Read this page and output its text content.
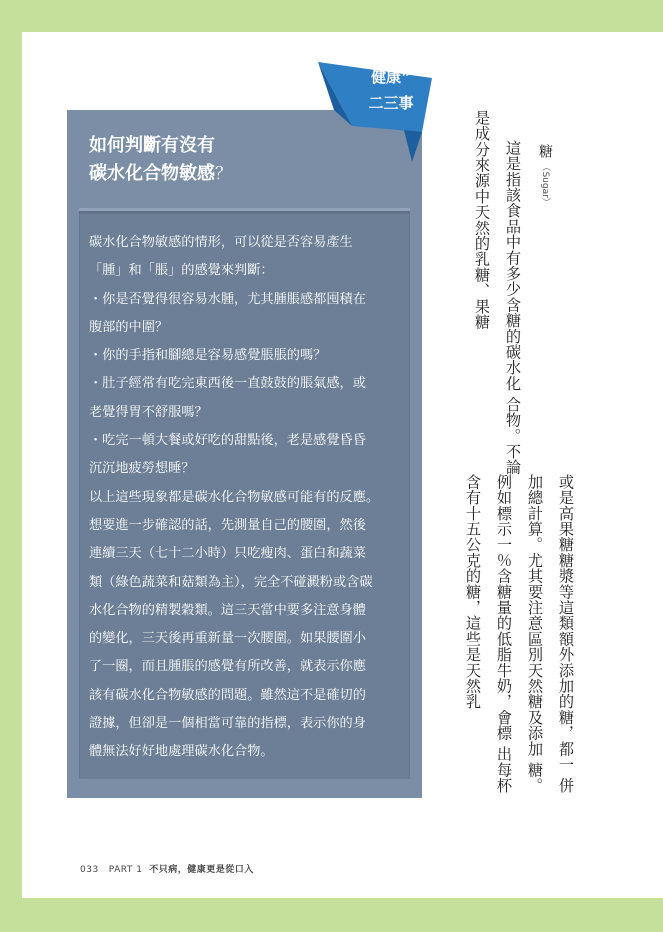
如何判斷有沒有
碳水化合物敏感？
碳水化合物敏感的情形，可以從是否容易產生
「腫」和「脹」的感覺來判斷：
・你是否覺得很容易水腫，尤其腫脹感都囤積在
腹部的中圍？
・你的手指和腳總是容易感覺脹脹的嗎？
・肚子經常有吃完東西後一直鼓鼓的脹氣感，或
老覺得胃不舒服嗎？
・吃完一頓大餐或好吃的甜點後，老是感覺昏昏
沉沉地疲勞想睡？
以上這些現象都是碳水化合物敏感可能有的反應。
想要進一步確認的話，先測量自己的腰圍，然後
連續三天（七十二小時）只吃瘦肉、蛋白和蔬菜
類（綠色蔬菜和菇類為主），完全不碰澱粉或含碳
水化合物的精製穀類。這三天當中要多注意身體
的變化，三天後再重新量一次腰圍。如果腰圍小
了一圈，而且腫脹的感覺有所改善，就表示你應
該有碳水化合物敏感的問題。雖然這不是確切的
證據，但卻是一個相當可靠的指標，表示你的身
體無法好好地處理碳水化合物。
健康”
二三事
糖 （Sugar）
這是指該食品中有多少含糖的碳水化 合物。不論是成分來源中天然的乳糖、果糖
或是高果糖糖漿等這類額外添加的糖，都一 併加總計算。尤其要注意區別天然糖及添加 糖。例如標示一％含糖量的低脂牛奶，會標 出每杯含有十五公克的糖，這些是天然乳
033 PART 1 不只病，健康更是從口入
